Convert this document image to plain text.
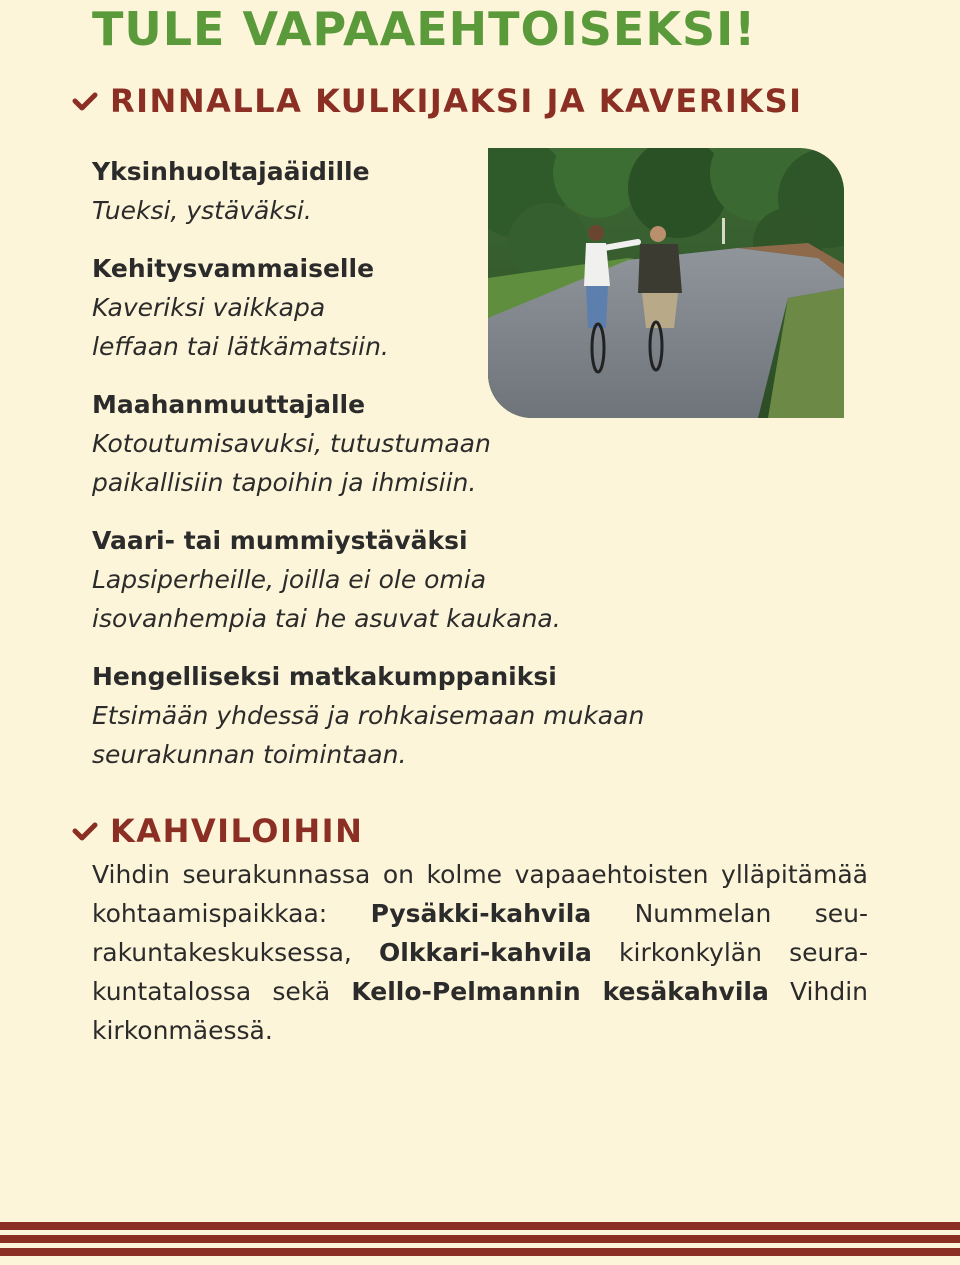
TULE VAPAAEHTOISEKSI!
RINNALLA KULKIJAKSI JA KAVERIKSI
Yksinhuoltajaäidille
Tueksi, ystäväksi.
Kehitysvammaiselle
Kaveriksi vaikkapa
leffaan tai lätkämatsiin.
Maahanmuuttajalle
Kotoutumisavuksi, tutustumaan
paikallisiin tapoihin ja ihmisiin.
Vaari- tai mummiystäväksi
Lapsiperheille, joilla ei ole omia
isovanhempia tai he asuvat kaukana.
Hengelliseksi matkakumppaniksi
Etsimään yhdessä ja rohkaisemaan mukaan
seurakunnan toimintaan.
KAHVILOIHIN
Vihdin seurakunnassa on kolme vapaaehtoisten ylläpitämää kohtaamispaikkaa: Pysäkki-kahvila Nummelan seurakuntakeskuksessa, Olkkari-kahvila kirkonkylän seurakuntatalossa sekä Kello-Pelmannin kesäkahvila Vihdin kirkonmäessä.
